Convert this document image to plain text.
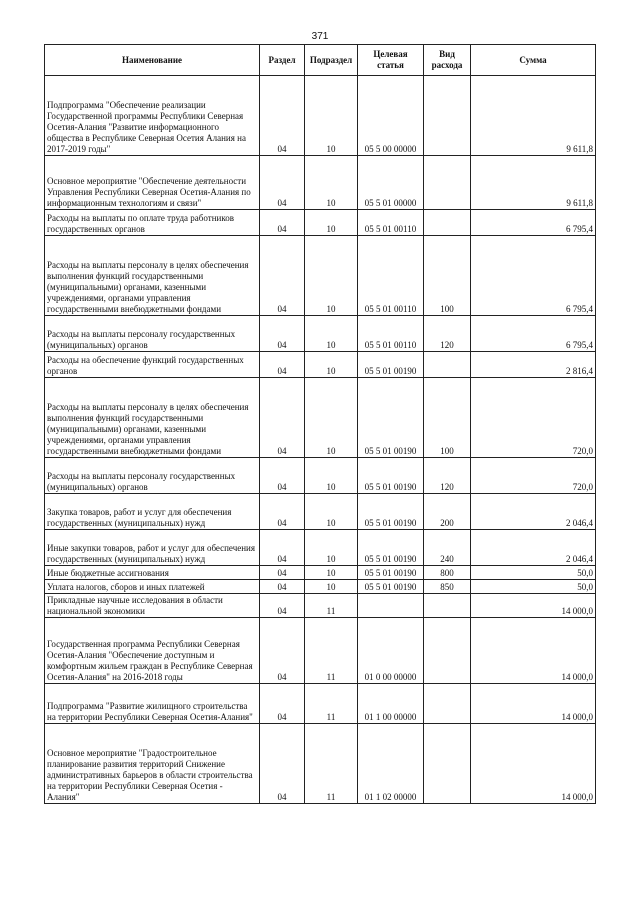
371
Наименование	Раздел	Подраздел	Целевая статья	Вид расхода	Сумма
Подпрограмма "Обеспечение реализации Государственной программы Республики Северная Осетия-Алания "Развитие информационного общества в Республике Северная Осетия Алания на 2017-2019 годы"	04	10	05 5 00 00000		9 611,8
Основное мероприятие "Обеспечение деятельности Управления Республики Северная Осетия-Алания по информационным технологиям и связи"	04	10	05 5 01 00000		9 611,8
Расходы на выплаты по оплате труда работников государственных органов	04	10	05 5 01 00110		6 795,4
Расходы на выплаты персоналу в целях обеспечения выполнения функций государственными (муниципальными) органами, казенными учреждениями, органами управления государственными внебюджетными фондами	04	10	05 5 01 00110	100	6 795,4
Расходы на выплаты персоналу государственных (муниципальных) органов	04	10	05 5 01 00110	120	6 795,4
Расходы на обеспечение функций государственных органов	04	10	05 5 01 00190		2 816,4
Расходы на выплаты персоналу в целях обеспечения выполнения функций государственными (муниципальными) органами, казенными учреждениями, органами управления государственными внебюджетными фондами	04	10	05 5 01 00190	100	720,0
Расходы на выплаты персоналу государственных (муниципальных) органов	04	10	05 5 01 00190	120	720,0
Закупка товаров, работ и услуг для обеспечения государственных (муниципальных) нужд	04	10	05 5 01 00190	200	2 046,4
Иные закупки товаров, работ и услуг для обеспечения государственных (муниципальных) нужд	04	10	05 5 01 00190	240	2 046,4
Иные бюджетные ассигнования	04	10	05 5 01 00190	800	50,0
Уплата налогов, сборов и иных платежей	04	10	05 5 01 00190	850	50,0
Прикладные научные исследования в области национальной экономики	04	11			14 000,0
Государственная программа Республики Северная Осетия-Алания "Обеспечение доступным и комфортным жильем граждан в Республике Северная Осетия-Алания" на 2016-2018 годы	04	11	01 0 00 00000		14 000,0
Подпрограмма "Развитие жилищного строительства на территории Республики Северная Осетия-Алания"	04	11	01 1 00 00000		14 000,0
Основное мероприятие "Градостроительное планирование развития территорий Снижение административных барьеров в области строительства на территории Республики Северная Осетия - Алания"	04	11	01 1 02 00000		14 000,0
